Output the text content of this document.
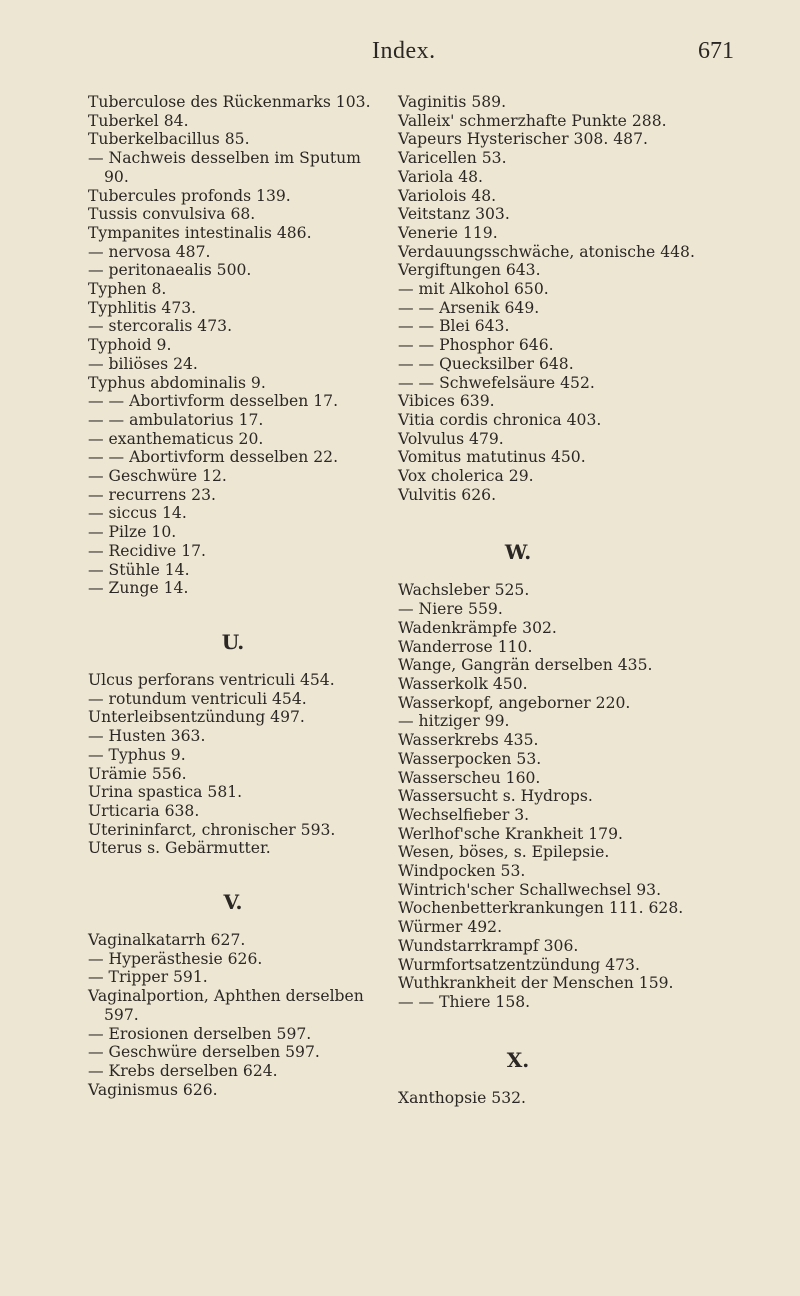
Index.	671
Tuberculose des Rückenmarks 103.
Tuberkel 84.
Tuberkelbacillus 85.
— Nachweis desselben im Sputum
90.
Tubercules profonds 139.
Tussis convulsiva 68.
Tympanites intestinalis 486.
— nervosa 487.
— peritonaealis 500.
Typhen 8.
Typhlitis 473.
— stercoralis 473.
Typhoid 9.
— biliöses 24.
Typhus abdominalis 9.
— — Abortivform desselben 17.
— — ambulatorius 17.
— exanthematicus 20.
— — Abortivform desselben 22.
— Geschwüre 12.
— recurrens 23.
— siccus 14.
— Pilze 10.
— Recidive 17.
— Stühle 14.
— Zunge 14.
U.
Ulcus perforans ventriculi 454.
— rotundum ventriculi 454.
Unterleibsentzündung 497.
— Husten 363.
— Typhus 9.
Urämie 556.
Urina spastica 581.
Urticaria 638.
Uterininfarct, chronischer 593.
Uterus s. Gebärmutter.
V.
Vaginalkatarrh 627.
— Hyperästhesie 626.
— Tripper 591.
Vaginalportion, Aphthen derselben
597.
— Erosionen derselben 597.
— Geschwüre derselben 597.
— Krebs derselben 624.
Vaginismus 626.
Vaginitis 589.
Valleix' schmerzhafte Punkte 288.
Vapeurs Hysterischer 308. 487.
Varicellen 53.
Variola 48.
Variolois 48.
Veitstanz 303.
Venerie 119.
Verdauungsschwäche, atonische 448.
Vergiftungen 643.
— mit Alkohol 650.
— — Arsenik 649.
— — Blei 643.
— — Phosphor 646.
— — Quecksilber 648.
— — Schwefelsäure 452.
Vibices 639.
Vitia cordis chronica 403.
Volvulus 479.
Vomitus matutinus 450.
Vox cholerica 29.
Vulvitis 626.
W.
Wachsleber 525.
— Niere 559.
Wadenkrämpfe 302.
Wanderrose 110.
Wange, Gangrän derselben 435.
Wasserkolk 450.
Wasserkopf, angeborner 220.
— hitziger 99.
Wasserkrebs 435.
Wasserpocken 53.
Wasserscheu 160.
Wassersucht s. Hydrops.
Wechselfieber 3.
Werlhof'sche Krankheit 179.
Wesen, böses, s. Epilepsie.
Windpocken 53.
Wintrich'scher Schallwechsel 93.
Wochenbetterkrankungen 111. 628.
Würmer 492.
Wundstarrkrampf 306.
Wurmfortsatzentzündung 473.
Wuthkrankheit der Menschen 159.
— — Thiere 158.
X.
Xanthopsie 532.
